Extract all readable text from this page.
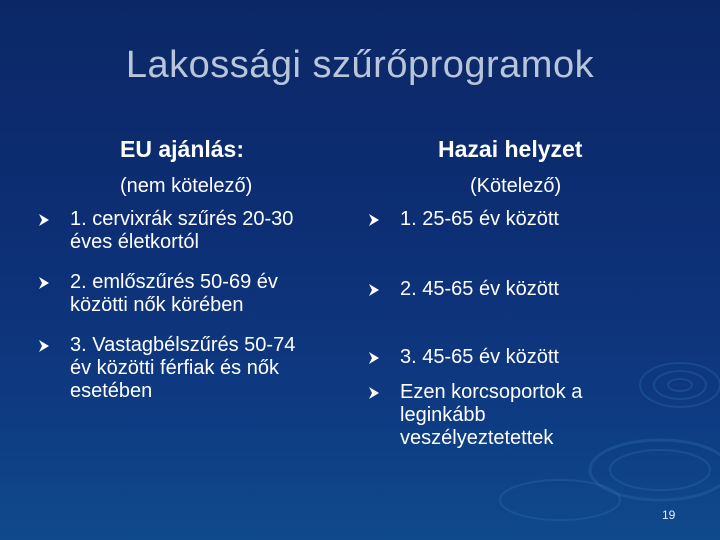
Lakossági szűrőprogramok
EU ajánlás:
(nem kötelező)
1. cervixrák szűrés 20-30
éves életkortól
2. emlőszűrés 50-69 év
közötti nők körében
3. Vastagbélszűrés 50-74
év közötti férfiak és nők
esetében
Hazai helyzet
(Kötelező)
1. 25-65 év között
2. 45-65 év között
3. 45-65 év között
Ezen korcsoportok a
leginkább
veszélyeztetettek
19
